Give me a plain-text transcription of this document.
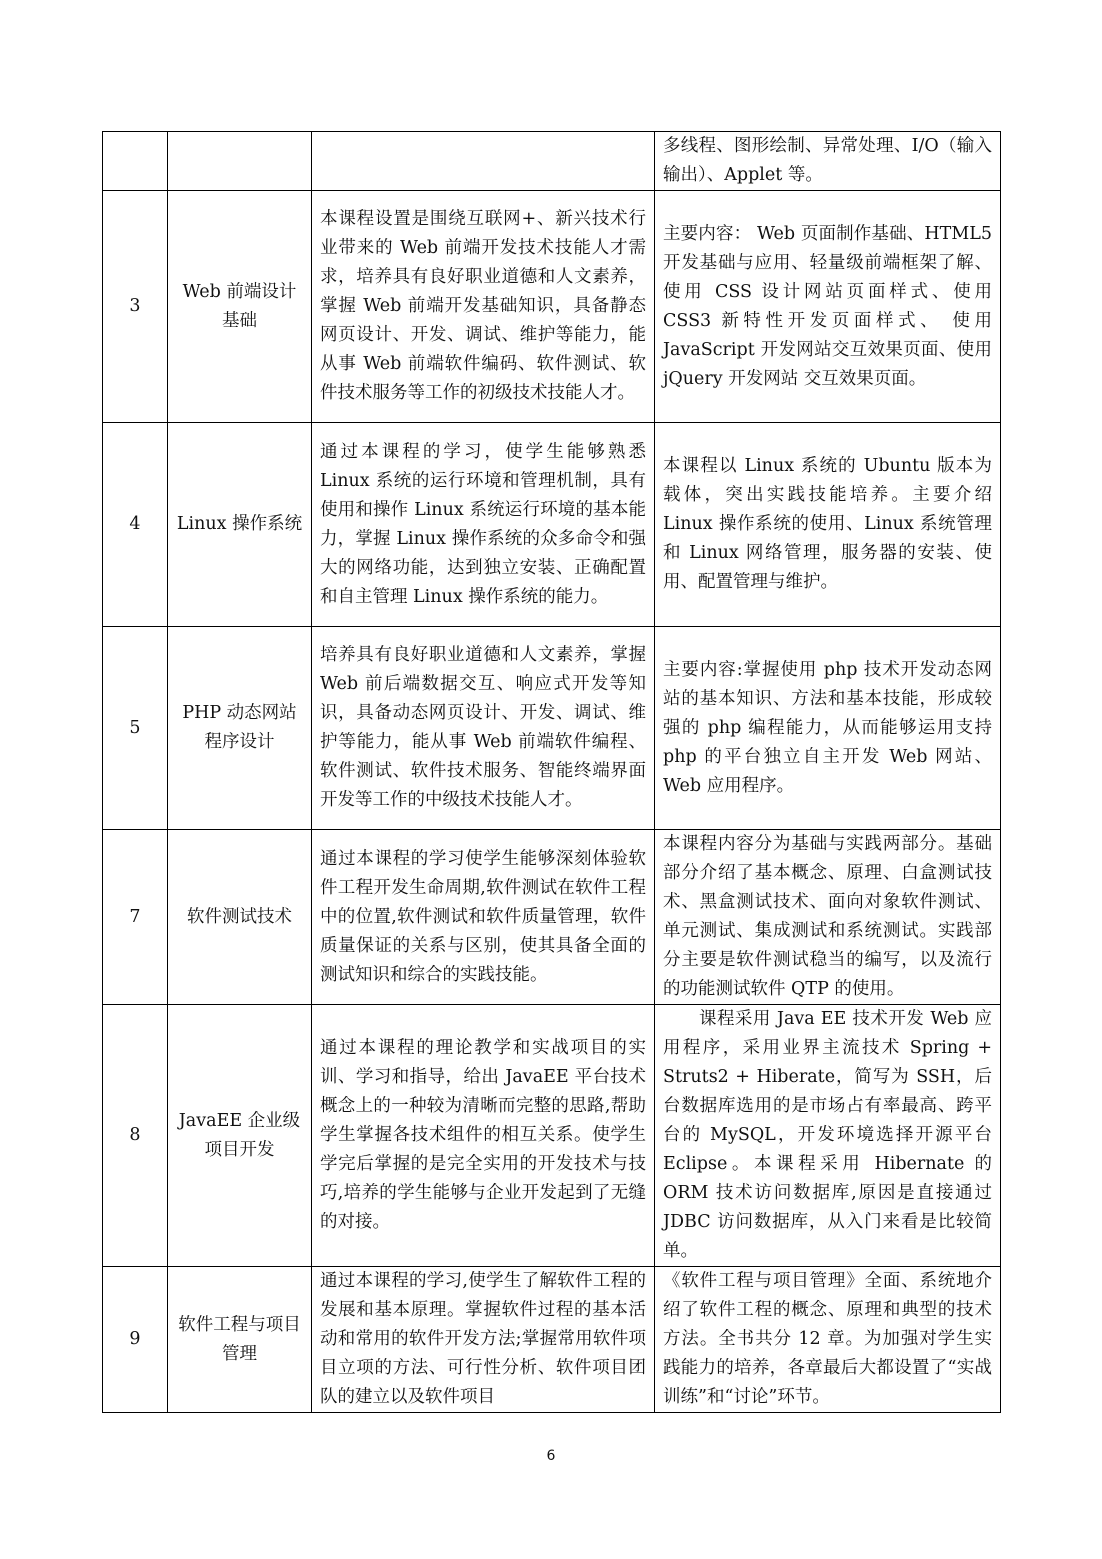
			多线程、图形绘制、异常处理、I/O（输入输出）、Applet 等。
3	Web 前端设计基础	本课程设置是围绕互联网+、新兴技术行业带来的 Web 前端开发技术技能人才需求，培养具有良好职业道德和人文素养，掌握 Web 前端开发基础知识，具备静态网页设计、开发、调试、维护等能力，能从事 Web 前端软件编码、软件测试、软件技术服务等工作的初级技术技能人才。	主要内容： Web 页面制作基础、HTML5 开发基础与应用、轻量级前端框架了解、使用 CSS 设计网站页面样式、使用 CSS3 新特性开发页面样式、 使用 JavaScript 开发网站交互效果页面、使用 jQuery 开发网站 交互效果页面。
4	Linux 操作系统	通过本课程的学习，使学生能够熟悉 Linux 系统的运行环境和管理机制，具有使用和操作 Linux 系统运行环境的基本能力，掌握 Linux 操作系统的众多命令和强大的网络功能，达到独立安装、正确配置和自主管理 Linux 操作系统的能力。	本课程以 Linux 系统的 Ubuntu 版本为载体，突出实践技能培养。主要介绍 Linux 操作系统的使用、Linux 系统管理和 Linux 网络管理，服务器的安装、使用、配置管理与维护。
5	PHP 动态网站程序设计	培养具有良好职业道德和人文素养，掌握 Web 前后端数据交互、响应式开发等知识，具备动态网页设计、开发、调试、维护等能力，能从事 Web 前端软件编程、软件测试、软件技术服务、智能终端界面开发等工作的中级技术技能人才。	主要内容:掌握使用 php 技术开发动态网站的基本知识、方法和基本技能，形成较强的 php 编程能力，从而能够运用支持 php 的平台独立自主开发 Web 网站、Web 应用程序。
7	软件测试技术	通过本课程的学习使学生能够深刻体验软件工程开发生命周期,软件测试在软件工程中的位置,软件测试和软件质量管理，软件质量保证的关系与区别，使其具备全面的测试知识和综合的实践技能。	本课程内容分为基础与实践两部分。基础部分介绍了基本概念、原理、白盒测试技术、黑盒测试技术、面向对象软件测试、单元测试、集成测试和系统测试。实践部分主要是软件测试稳当的编写，以及流行的功能测试软件 QTP 的使用。
8	JavaEE 企业级项目开发	通过本课程的理论教学和实战项目的实训、学习和指导，给出 JavaEE 平台技术概念上的一种较为清晰而完整的思路,帮助学生掌握各技术组件的相互关系。使学生学完后掌握的是完全实用的开发技术与技巧,培养的学生能够与企业开发起到了无缝的对接。	　　课程采用 Java EE 技术开发 Web 应用程序，采用业界主流技术 Spring + Struts2 + Hiberate，简写为 SSH，后台数据库选用的是市场占有率最高、跨平台的 MySQL，开发环境选择开源平台 Eclipse。本课程采用 Hibernate 的 ORM 技术访问数据库,原因是直接通过 JDBC 访问数据库，从入门来看是比较简单。
9	软件工程与项目管理	通过本课程的学习,使学生了解软件工程的发展和基本原理。掌握软件过程的基本活动和常用的软件开发方法;掌握常用软件项目立项的方法、可行性分析、软件项目团队的建立以及软件项目	《软件工程与项目管理》全面、系统地介绍了软件工程的概念、原理和典型的技术方法。全书共分 12 章。为加强对学生实践能力的培养，各章最后大都设置了“实战训练”和“讨论”环节。
6
